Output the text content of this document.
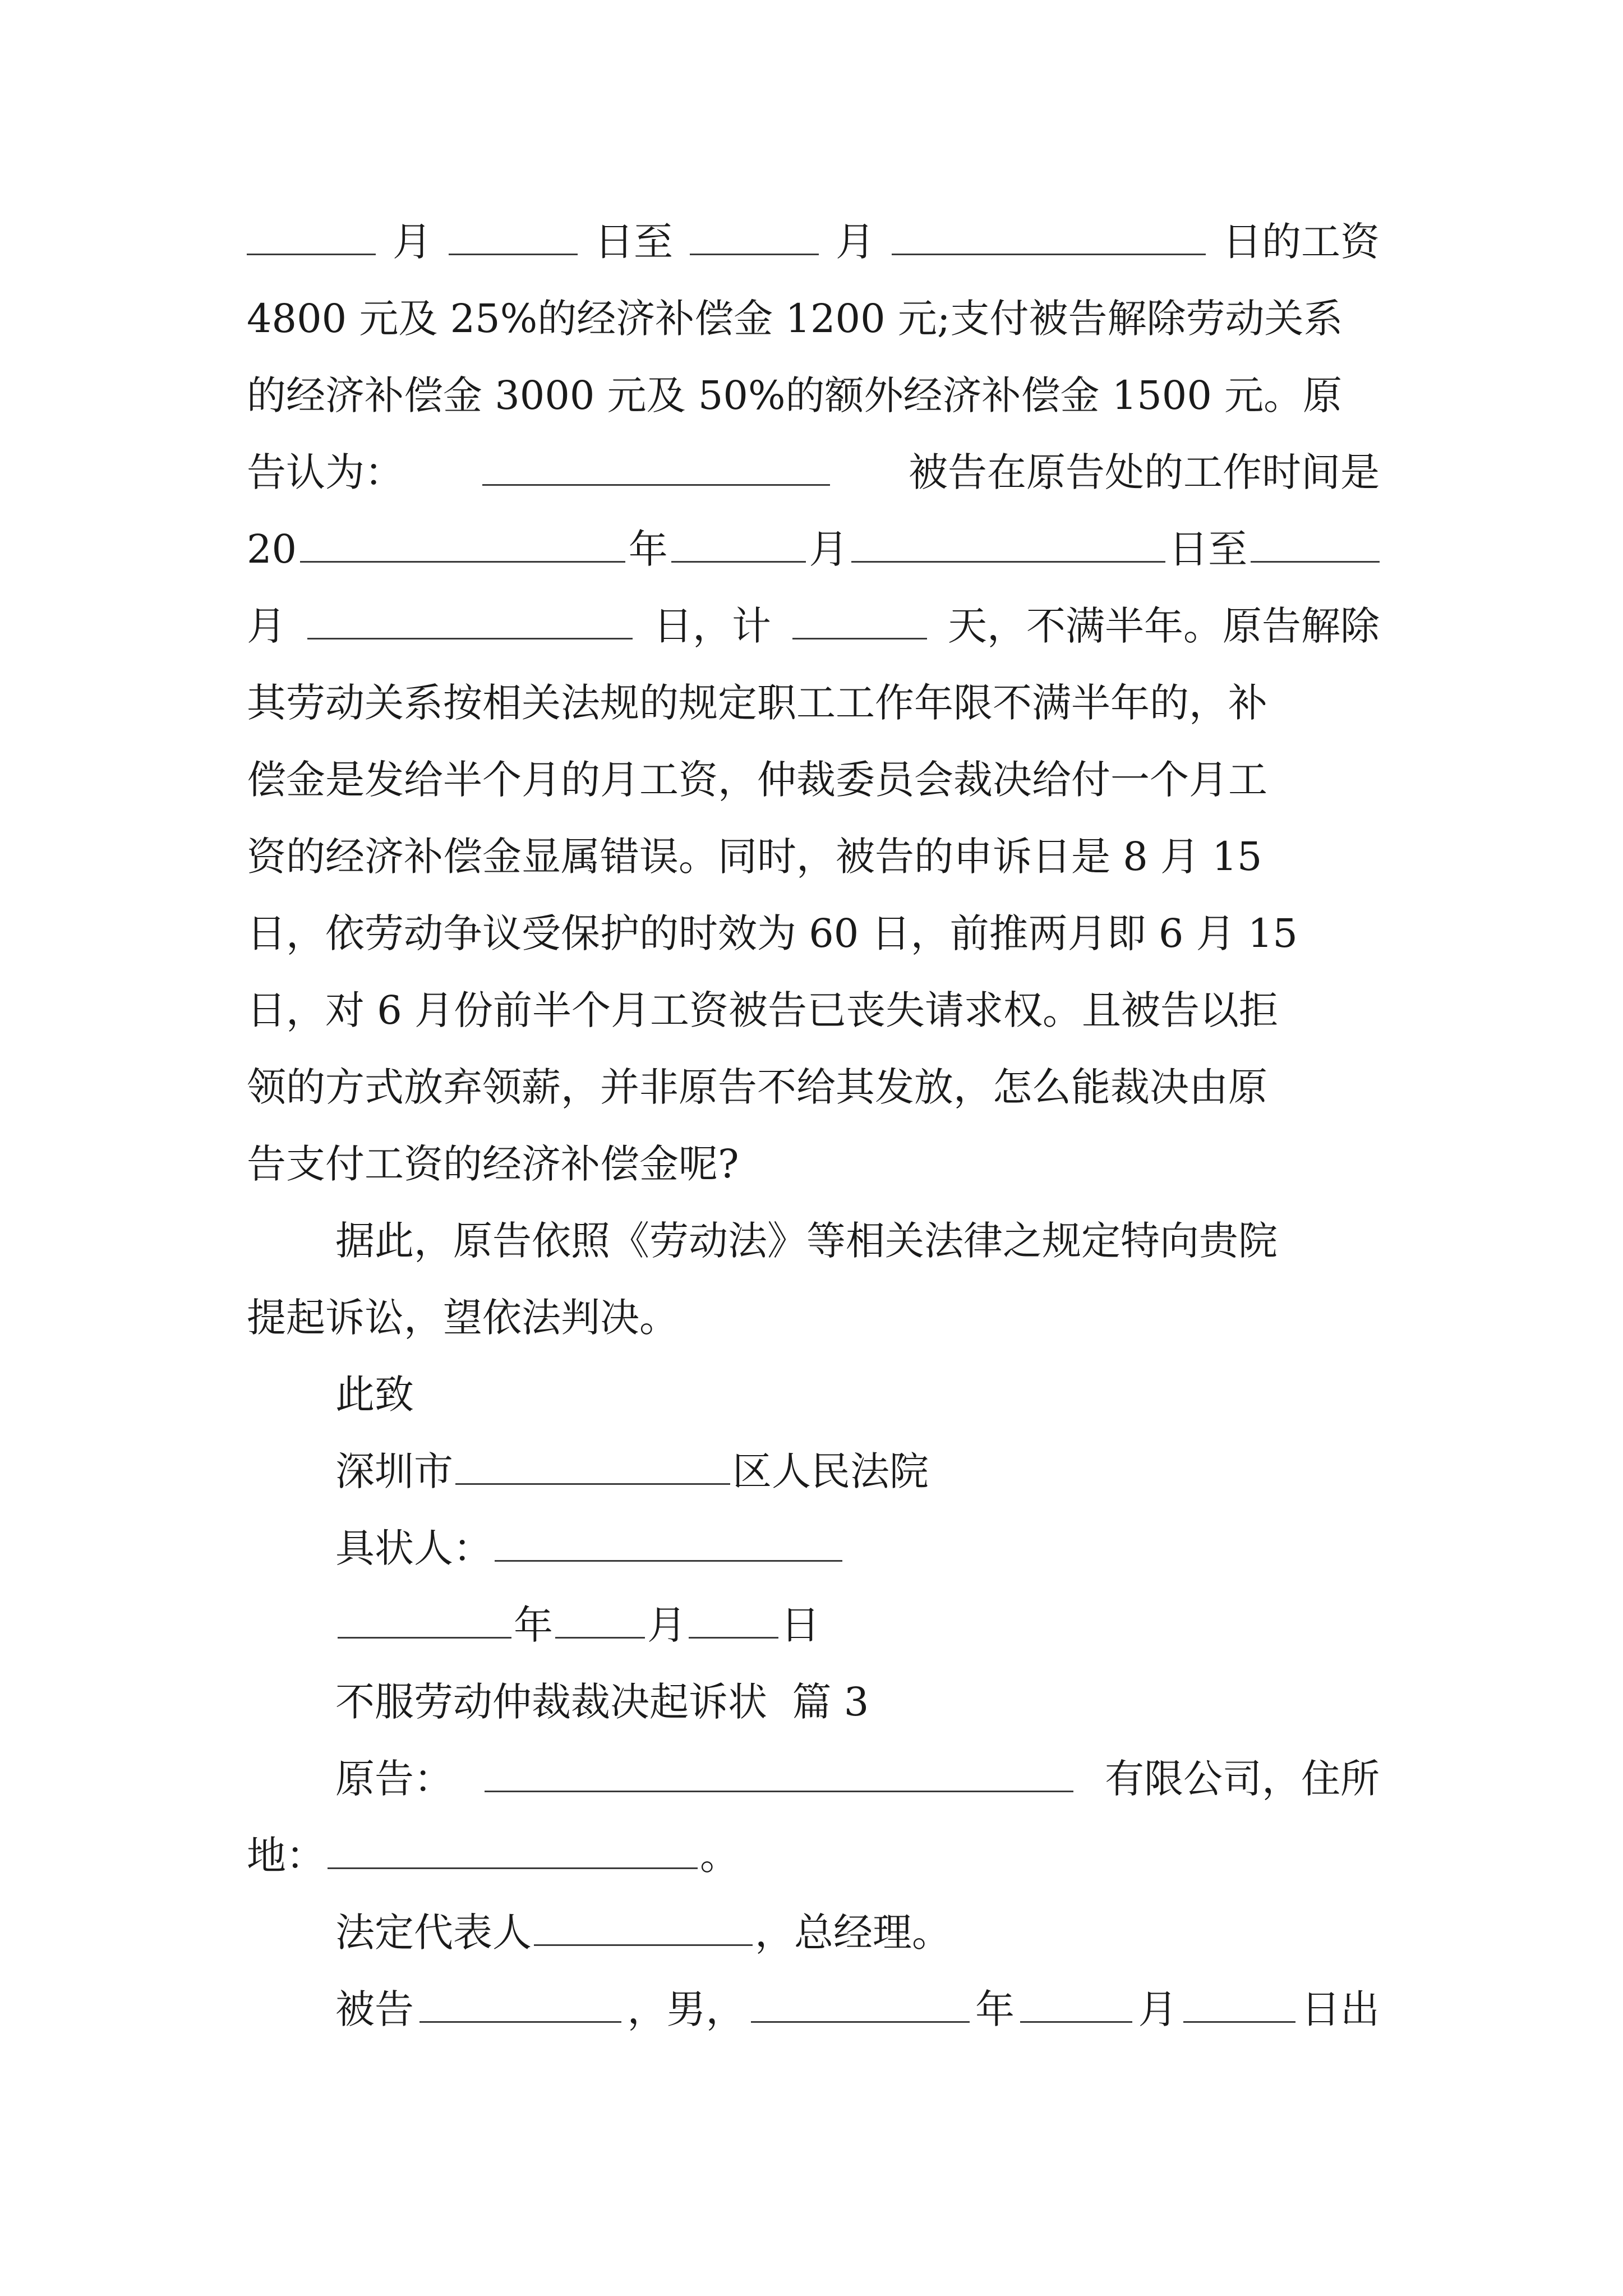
月	日至	月	日的工资
4800 元及 25%的经济补偿金 1200 元;支付被告解除劳动关系
的经济补偿金 3000 元及 50%的额外经济补偿金 1500 元。原
告认为：	被告在原告处的工作时间是
20	年	月	日至
月	日，计	天，不满半年。原告解除
其劳动关系按相关法规的规定职工工作年限不满半年的，补
偿金是发给半个月的月工资，仲裁委员会裁决给付一个月工
资的经济补偿金显属错误。同时，被告的申诉日是 8 月 15
日，依劳动争议受保护的时效为 60 日，前推两月即 6 月 15
日，对 6 月份前半个月工资被告已丧失请求权。且被告以拒
领的方式放弃领薪，并非原告不给其发放，怎么能裁决由原
告支付工资的经济补偿金呢?
据此，原告依照《劳动法》等相关法律之规定特向贵院
提起诉讼，望依法判决。
此致
深圳市	区人民法院
具状人：
年 月 日
不服劳动仲裁裁决起诉状  篇 3
原告：	有限公司，住所
地：	。
法定代表人	，总经理。
被告	，男，	年	月	日出
